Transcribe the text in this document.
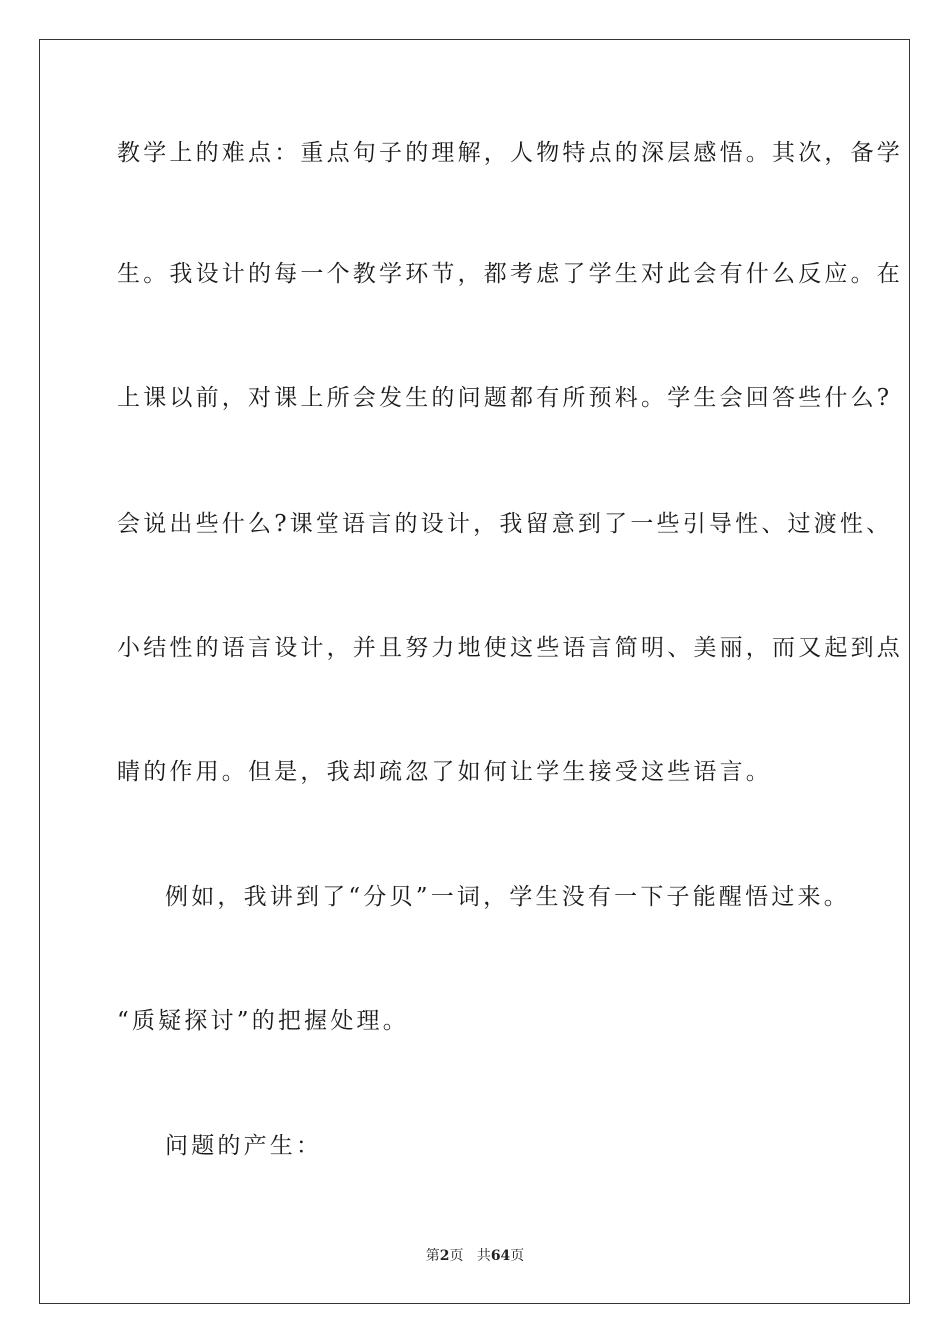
教学上的难点：重点句子的理解，人物特点的深层感悟。其次，备学
生。我设计的每一个教学环节，都考虑了学生对此会有什么反应。在
上课以前，对课上所会发生的问题都有所预料。学生会回答些什么?
会说出些什么?课堂语言的设计，我留意到了一些引导性、过渡性、
小结性的语言设计，并且努力地使这些语言简明、美丽，而又起到点
睛的作用。但是，我却疏忽了如何让学生接受这些语言。
例如，我讲到了“分贝”一词，学生没有一下子能醒悟过来。
“质疑探讨”的把握处理。
问题的产生：
第2页 共64页
